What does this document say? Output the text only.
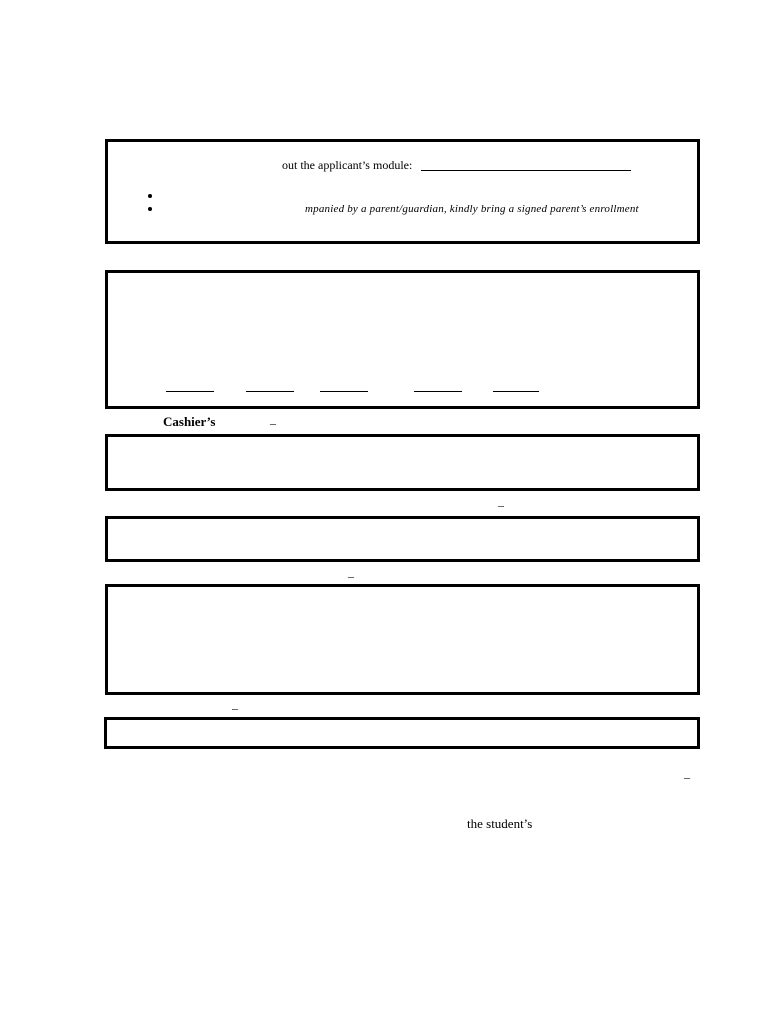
out the applicant’s module:
mpanied by a parent/guardian, kindly bring a signed parent’s enrollment
Cashier’s	–
–
–
–
–
the student’s
